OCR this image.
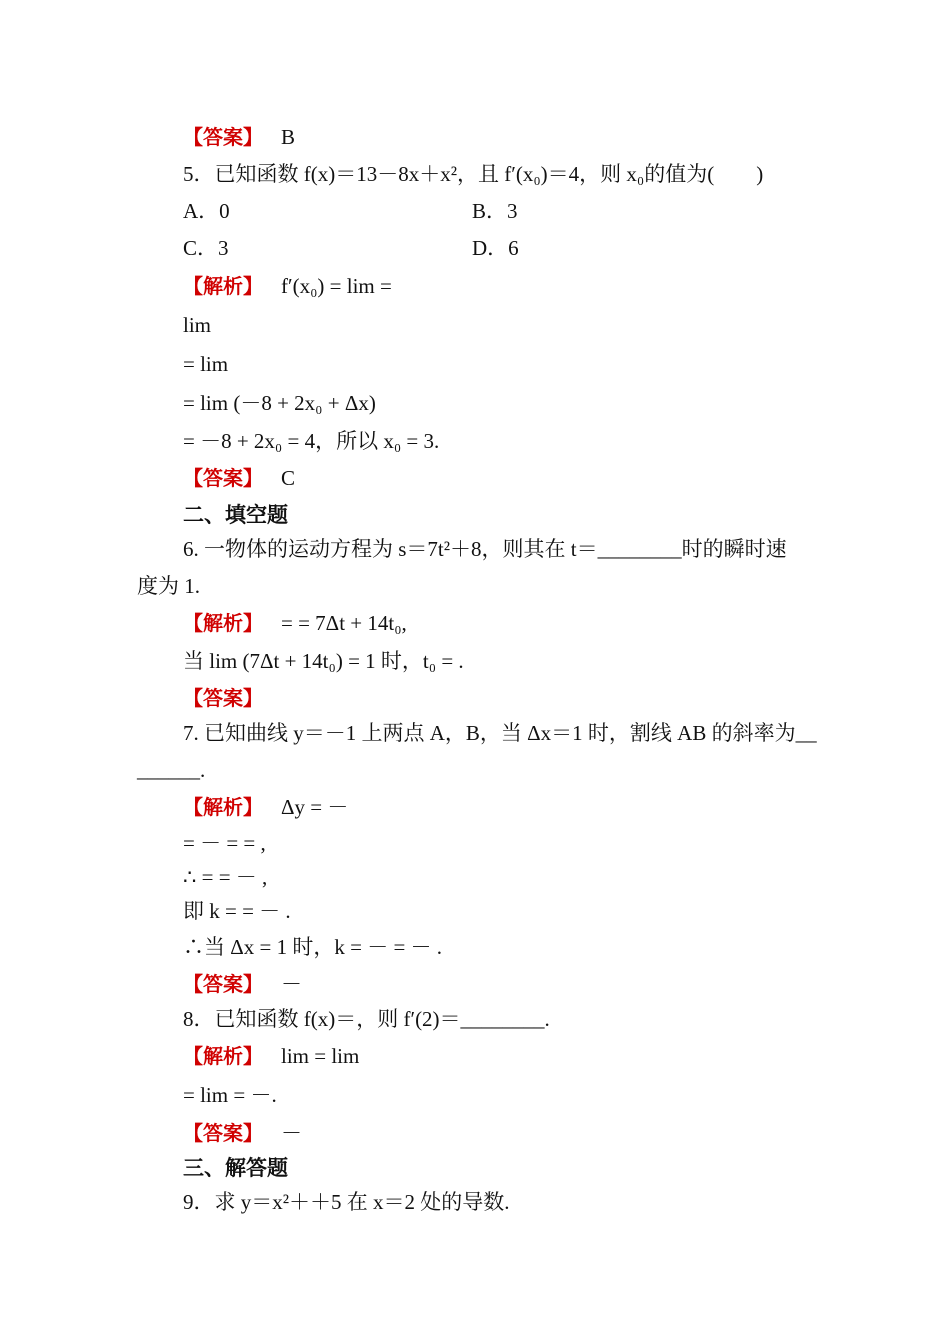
【答案】 B
5．已知函数 f(x)＝13－8x＋x²，且 f′(x₀)＝4，则 x₀的值为(　　)
A．0	B．3
C．3	D．6
【解析】 f′(x₀) = lim =
lim
= lim
= lim (－8 + 2x₀ + Δx)
= －8 + 2x₀ = 4，所以 x₀ = 3.
【答案】 C
二、填空题
6. 一物体的运动方程为 s＝7t²＋8，则其在 t＝________时的瞬时速
度为 1.
【解析】 = = 7Δt + 14t₀,
当 lim (7Δt + 14t₀) = 1 时，t₀ = .
【答案】
7. 已知曲线 y＝－1 上两点 A，B，当 Δx＝1 时，割线 AB 的斜率为__
______.
【解析】 Δy = －
= － = = ,
∴ = = － ,
即 k = = － .
∴当 Δx = 1 时，k = － = － .
【答案】 －
8．已知函数 f(x)＝，则 f′(2)＝________.
【解析】 lim = lim
= lim = －.
【答案】 －
三、解答题
9．求 y＝x²＋＋5 在 x＝2 处的导数.
